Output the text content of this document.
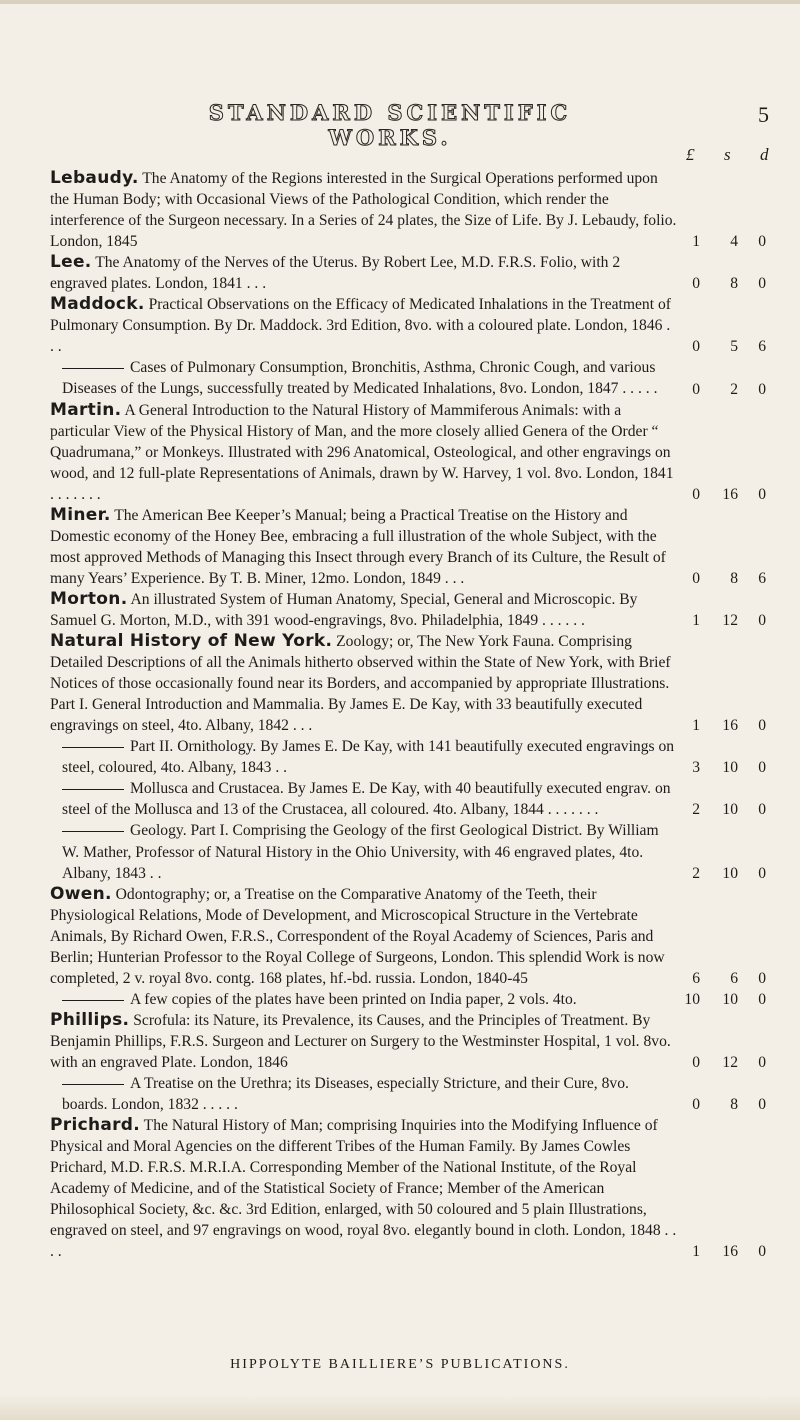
STANDARD SCIENTIFIC WORKS.
5
£ s d
Lebaudy. The Anatomy of the Regions interested in the Surgical Operations performed upon the Human Body; with Occasional Views of the Pathological Condition, which render the interference of the Surgeon necessary. In a Series of 24 plates, the Size of Life. By J. Lebaudy, folio. London, 1845	1	4	0
Lee. The Anatomy of the Nerves of the Uterus. By Robert Lee, M.D. F.R.S. Folio, with 2 engraved plates. London, 1841 . . .	0	8	0
Maddock. Practical Observations on the Efficacy of Medicated Inhalations in the Treatment of Pulmonary Consumption. By Dr. Maddock. 3rd Edition, 8vo. with a coloured plate. London, 1846 . . .	0	5	6
Cases of Pulmonary Consumption, Bronchitis, Asthma, Chronic Cough, and various Diseases of the Lungs, successfully treated by Medicated Inhalations, 8vo. London, 1847 . . . . .	0	2	0
Martin. A General Introduction to the Natural History of Mammiferous Animals: with a particular View of the Physical History of Man, and the more closely allied Genera of the Order “ Quadrumana,” or Monkeys. Illustrated with 296 Anatomical, Osteological, and other engravings on wood, and 12 full-plate Representations of Animals, drawn by W. Harvey, 1 vol. 8vo. London, 1841 . . . . . . .	0	16	0
Miner. The American Bee Keeper’s Manual; being a Practical Treatise on the History and Domestic economy of the Honey Bee, embracing a full illustration of the whole Subject, with the most approved Methods of Managing this Insect through every Branch of its Culture, the Result of many Years’ Experience. By T. B. Miner, 12mo. London, 1849 . . .	0	8	6
Morton. An illustrated System of Human Anatomy, Special, General and Microscopic. By Samuel G. Morton, M.D., with 391 wood-engravings, 8vo. Philadelphia, 1849 . . . . . .	1	12	0
Natural History of New York. Zoology; or, The New York Fauna. Comprising Detailed Descriptions of all the Animals hitherto observed within the State of New York, with Brief Notices of those occasionally found near its Borders, and accompanied by appropriate Illustrations. Part I. General Introduction and Mammalia. By James E. De Kay, with 33 beautifully executed engravings on steel, 4to. Albany, 1842 . . .	1	16	0
Part II. Ornithology. By James E. De Kay, with 141 beautifully executed engravings on steel, coloured, 4to. Albany, 1843 . .	3	10	0
Mollusca and Crustacea. By James E. De Kay, with 40 beautifully executed engrav. on steel of the Mollusca and 13 of the Crustacea, all coloured. 4to. Albany, 1844 . . . . . . .	2	10	0
Geology. Part I. Comprising the Geology of the first Geological District. By William W. Mather, Professor of Natural History in the Ohio University, with 46 engraved plates, 4to. Albany, 1843 . .	2	10	0
Owen. Odontography; or, a Treatise on the Comparative Anatomy of the Teeth, their Physiological Relations, Mode of Development, and Microscopical Structure in the Vertebrate Animals, By Richard Owen, F.R.S., Correspondent of the Royal Academy of Sciences, Paris and Berlin; Hunterian Professor to the Royal College of Surgeons, London. This splendid Work is now completed, 2 v. royal 8vo. contg. 168 plates, hf.-bd. russia. London, 1840-45	6	6	0
A few copies of the plates have been printed on India paper, 2 vols. 4to.	10	10	0
Phillips. Scrofula: its Nature, its Prevalence, its Causes, and the Principles of Treatment. By Benjamin Phillips, F.R.S. Surgeon and Lecturer on Surgery to the Westminster Hospital, 1 vol. 8vo. with an engraved Plate. London, 1846	0	12	0
A Treatise on the Urethra; its Diseases, especially Stricture, and their Cure, 8vo. boards. London, 1832 . . . . .	0	8	0
Prichard. The Natural History of Man; comprising Inquiries into the Modifying Influence of Physical and Moral Agencies on the different Tribes of the Human Family. By James Cowles Prichard, M.D. F.R.S. M.R.I.A. Corresponding Member of the National Institute, of the Royal Academy of Medicine, and of the Statistical Society of France; Member of the American Philosophical Society, &c. &c. 3rd Edition, enlarged, with 50 coloured and 5 plain Illustrations, engraved on steel, and 97 engravings on wood, royal 8vo. elegantly bound in cloth. London, 1848 . . . .	1	16	0
HIPPOLYTE BAILLIERE’S PUBLICATIONS.
